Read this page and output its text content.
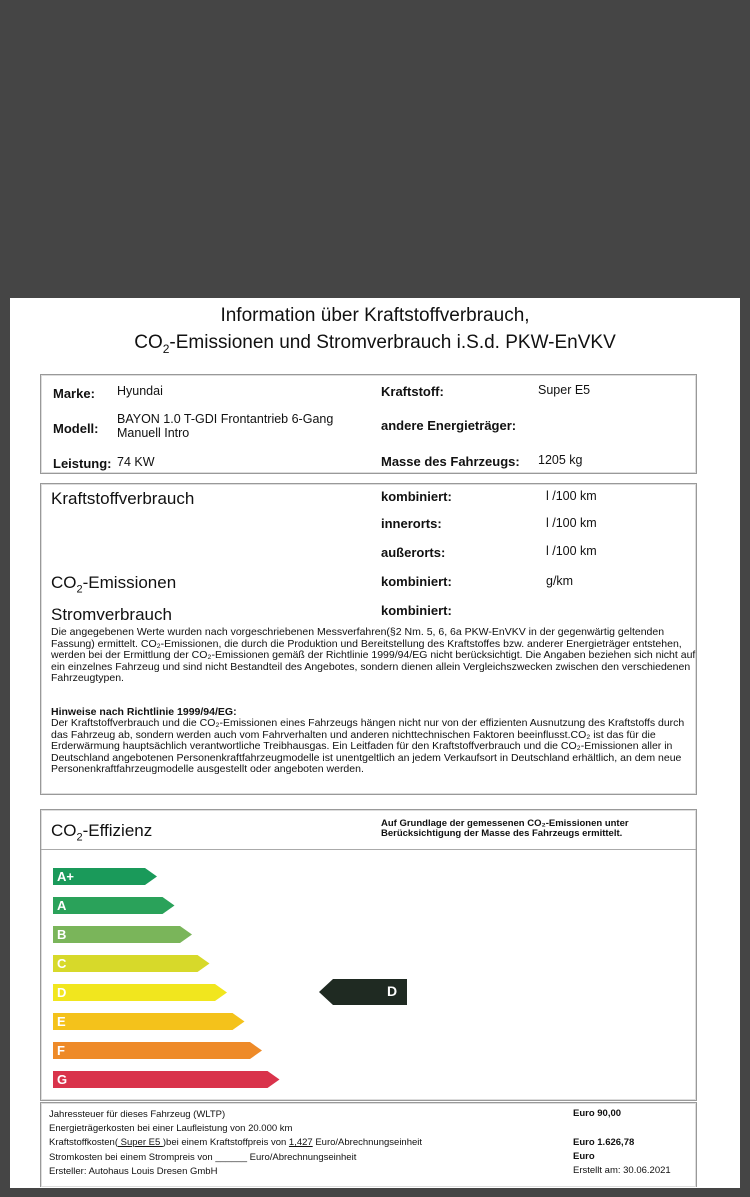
Information über Kraftstoffverbrauch,
$CO_2$-Emissionen und Stromverbrauch i.S.d. PKW-EnVKV
Marke: Hyundai
Modell:
BAYON 1.0 T-GDI Frontantrieb 6-Gang
Manuell Intro
Leistung: 74 KW
Kraftstoff:	Super E5
andere Energieträger:
Masse des Fahrzeugs: 1205 kg
Kraftstoffverbrauch	kombiniert:	l /100 km
innerorts:	l /100 km
außerorts:	l /100 km
$CO_2$-Emissionen	kombiniert:	g/km
Stromverbrauch	kombiniert:
Die angegebenen Werte wurden nach vorgeschriebenen Messverfahren(§2 Nm. 5, 6, 6a PKW-EnVKV in der gegenwärtig geltenden Fassung) ermittelt. CO₂-Emissionen, die durch die Produktion und Bereitstellung des Kraftstoffes bzw. anderer Energieträger entstehen, werden bei der Ermittlung der CO₂-Emissionen gemäß der Richtlinie 1999/94/EG nicht berücksichtigt. Die Angaben beziehen sich nicht auf ein einzelnes Fahrzeug und sind nicht Bestandteil des Angebotes, sondern dienen allein Vergleichszwecken zwischen den verschiedenen Fahrzeugtypen.
Hinweise nach Richtlinie 1999/94/EG:
Der Kraftstoffverbrauch und die CO₂-Emissionen eines Fahrzeugs hängen nicht nur von der effizienten Ausnutzung des Kraftstoffs durch das Fahrzeug ab, sondern werden auch vom Fahrverhalten und anderen nichttechnischen Faktoren beeinflusst.CO₂ ist das für die Erderwärmung hauptsächlich verantwortliche Treibhausgas. Ein Leitfaden für den Kraftstoffverbrauch und die CO₂-Emissionen aller in Deutschland angebotenen Personenkraftfahrzeugmodelle ist unentgeltlich an jedem Verkaufsort in Deutschland erhältlich, an dem neue Personenkraftfahrzeugmodelle ausgestellt oder angeboten werden.
$CO_2$-Effizienz	Auf Grundlage der gemessenen CO₂-Emissionen unter
Berücksichtigung der Masse des Fahrzeugs ermittelt.
A+
A
B
C
D
E
F
G
D
Jahressteuer für dieses Fahrzeug (WLTP)	Euro 90,00
Energieträgerkosten bei einer Laufleistung von 20.000 km
Kraftstoffkosten( Super E5 )bei einem Kraftstoffpreis von 1,427 Euro/Abrechnungseinheit	Euro 1.626,78
Stromkosten bei einem Strompreis von ______ Euro/Abrechnungseinheit	Euro
Ersteller: Autohaus Louis Dresen GmbH	Erstellt am: 30.06.2021
